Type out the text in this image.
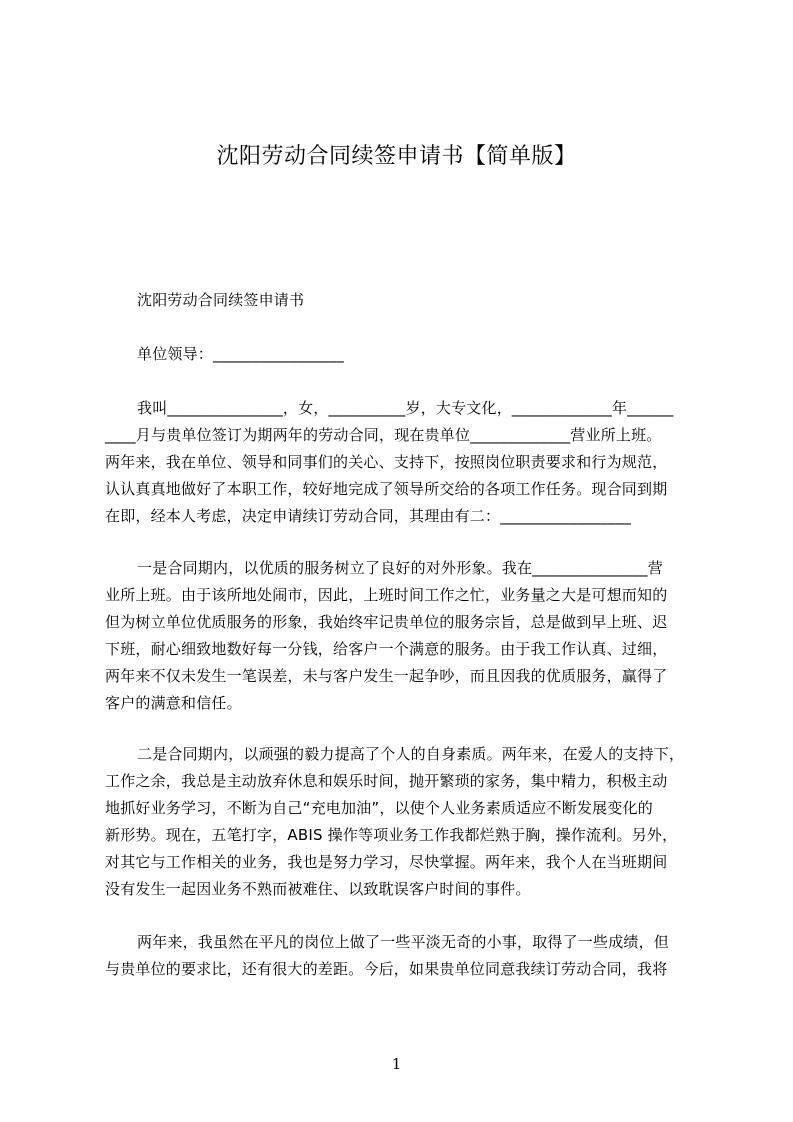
沈阳劳动合同续签申请书【简单版】
沈阳劳动合同续签申请书
单位领导：_________________
我叫_______________，女，__________岁，大专文化，_____________年______
____月与贵单位签订为期两年的劳动合同，现在贵单位_____________营业所上班。
两年来，我在单位、领导和同事们的关心、支持下，按照岗位职责要求和行为规范，
认认真真地做好了本职工作，较好地完成了领导所交给的各项工作任务。现合同到期
在即，经本人考虑，决定申请续订劳动合同，其理由有二：_________________
一是合同期内，以优质的服务树立了良好的对外形象。我在_______________营
业所上班。由于该所地处闹市，因此，上班时间工作之忙，业务量之大是可想而知的
但为树立单位优质服务的形象，我始终牢记贵单位的服务宗旨，总是做到早上班、迟
下班，耐心细致地数好每一分钱，给客户一个满意的服务。由于我工作认真、过细，
两年来不仅未发生一笔误差，未与客户发生一起争吵，而且因我的优质服务，赢得了
客户的满意和信任。
二是合同期内，以顽强的毅力提高了个人的自身素质。两年来，在爱人的支持下，
工作之余，我总是主动放弃休息和娱乐时间，抛开繁琐的家务，集中精力，积极主动
地抓好业务学习，不断为自己“充电加油”，以使个人业务素质适应不断发展变化的
新形势。现在，五笔打字，ABIS 操作等项业务工作我都烂熟于胸，操作流利。另外，
对其它与工作相关的业务，我也是努力学习，尽快掌握。两年来，我个人在当班期间
没有发生一起因业务不熟而被难住、以致耽误客户时间的事件。
两年来，我虽然在平凡的岗位上做了一些平淡无奇的小事，取得了一些成绩，但
与贵单位的要求比，还有很大的差距。今后，如果贵单位同意我续订劳动合同，我将
1
